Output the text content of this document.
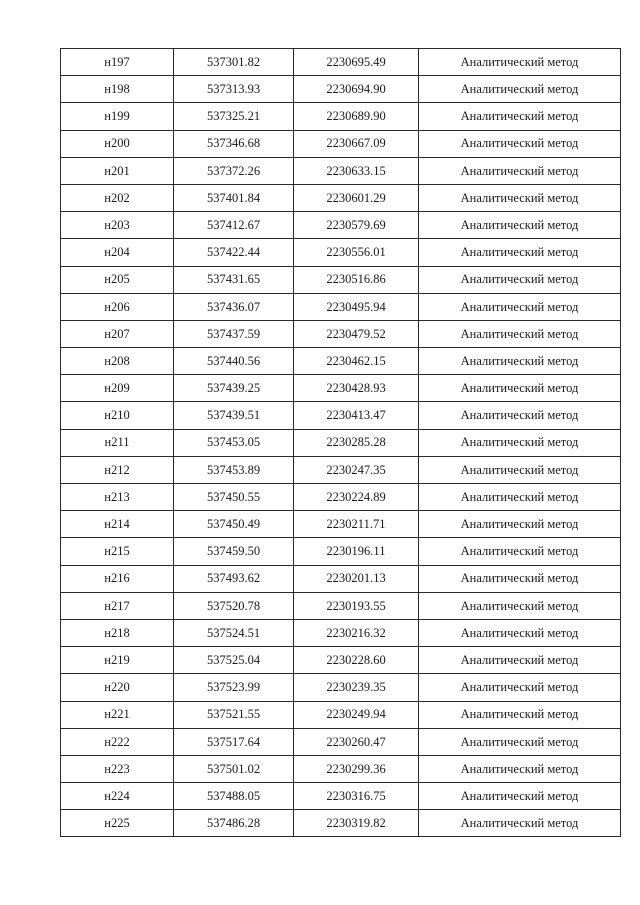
н197	537301.82	2230695.49	Аналитический метод
н198	537313.93	2230694.90	Аналитический метод
н199	537325.21	2230689.90	Аналитический метод
н200	537346.68	2230667.09	Аналитический метод
н201	537372.26	2230633.15	Аналитический метод
н202	537401.84	2230601.29	Аналитический метод
н203	537412.67	2230579.69	Аналитический метод
н204	537422.44	2230556.01	Аналитический метод
н205	537431.65	2230516.86	Аналитический метод
н206	537436.07	2230495.94	Аналитический метод
н207	537437.59	2230479.52	Аналитический метод
н208	537440.56	2230462.15	Аналитический метод
н209	537439.25	2230428.93	Аналитический метод
н210	537439.51	2230413.47	Аналитический метод
н211	537453.05	2230285.28	Аналитический метод
н212	537453.89	2230247.35	Аналитический метод
н213	537450.55	2230224.89	Аналитический метод
н214	537450.49	2230211.71	Аналитический метод
н215	537459.50	2230196.11	Аналитический метод
н216	537493.62	2230201.13	Аналитический метод
н217	537520.78	2230193.55	Аналитический метод
н218	537524.51	2230216.32	Аналитический метод
н219	537525.04	2230228.60	Аналитический метод
н220	537523.99	2230239.35	Аналитический метод
н221	537521.55	2230249.94	Аналитический метод
н222	537517.64	2230260.47	Аналитический метод
н223	537501.02	2230299.36	Аналитический метод
н224	537488.05	2230316.75	Аналитический метод
н225	537486.28	2230319.82	Аналитический метод
